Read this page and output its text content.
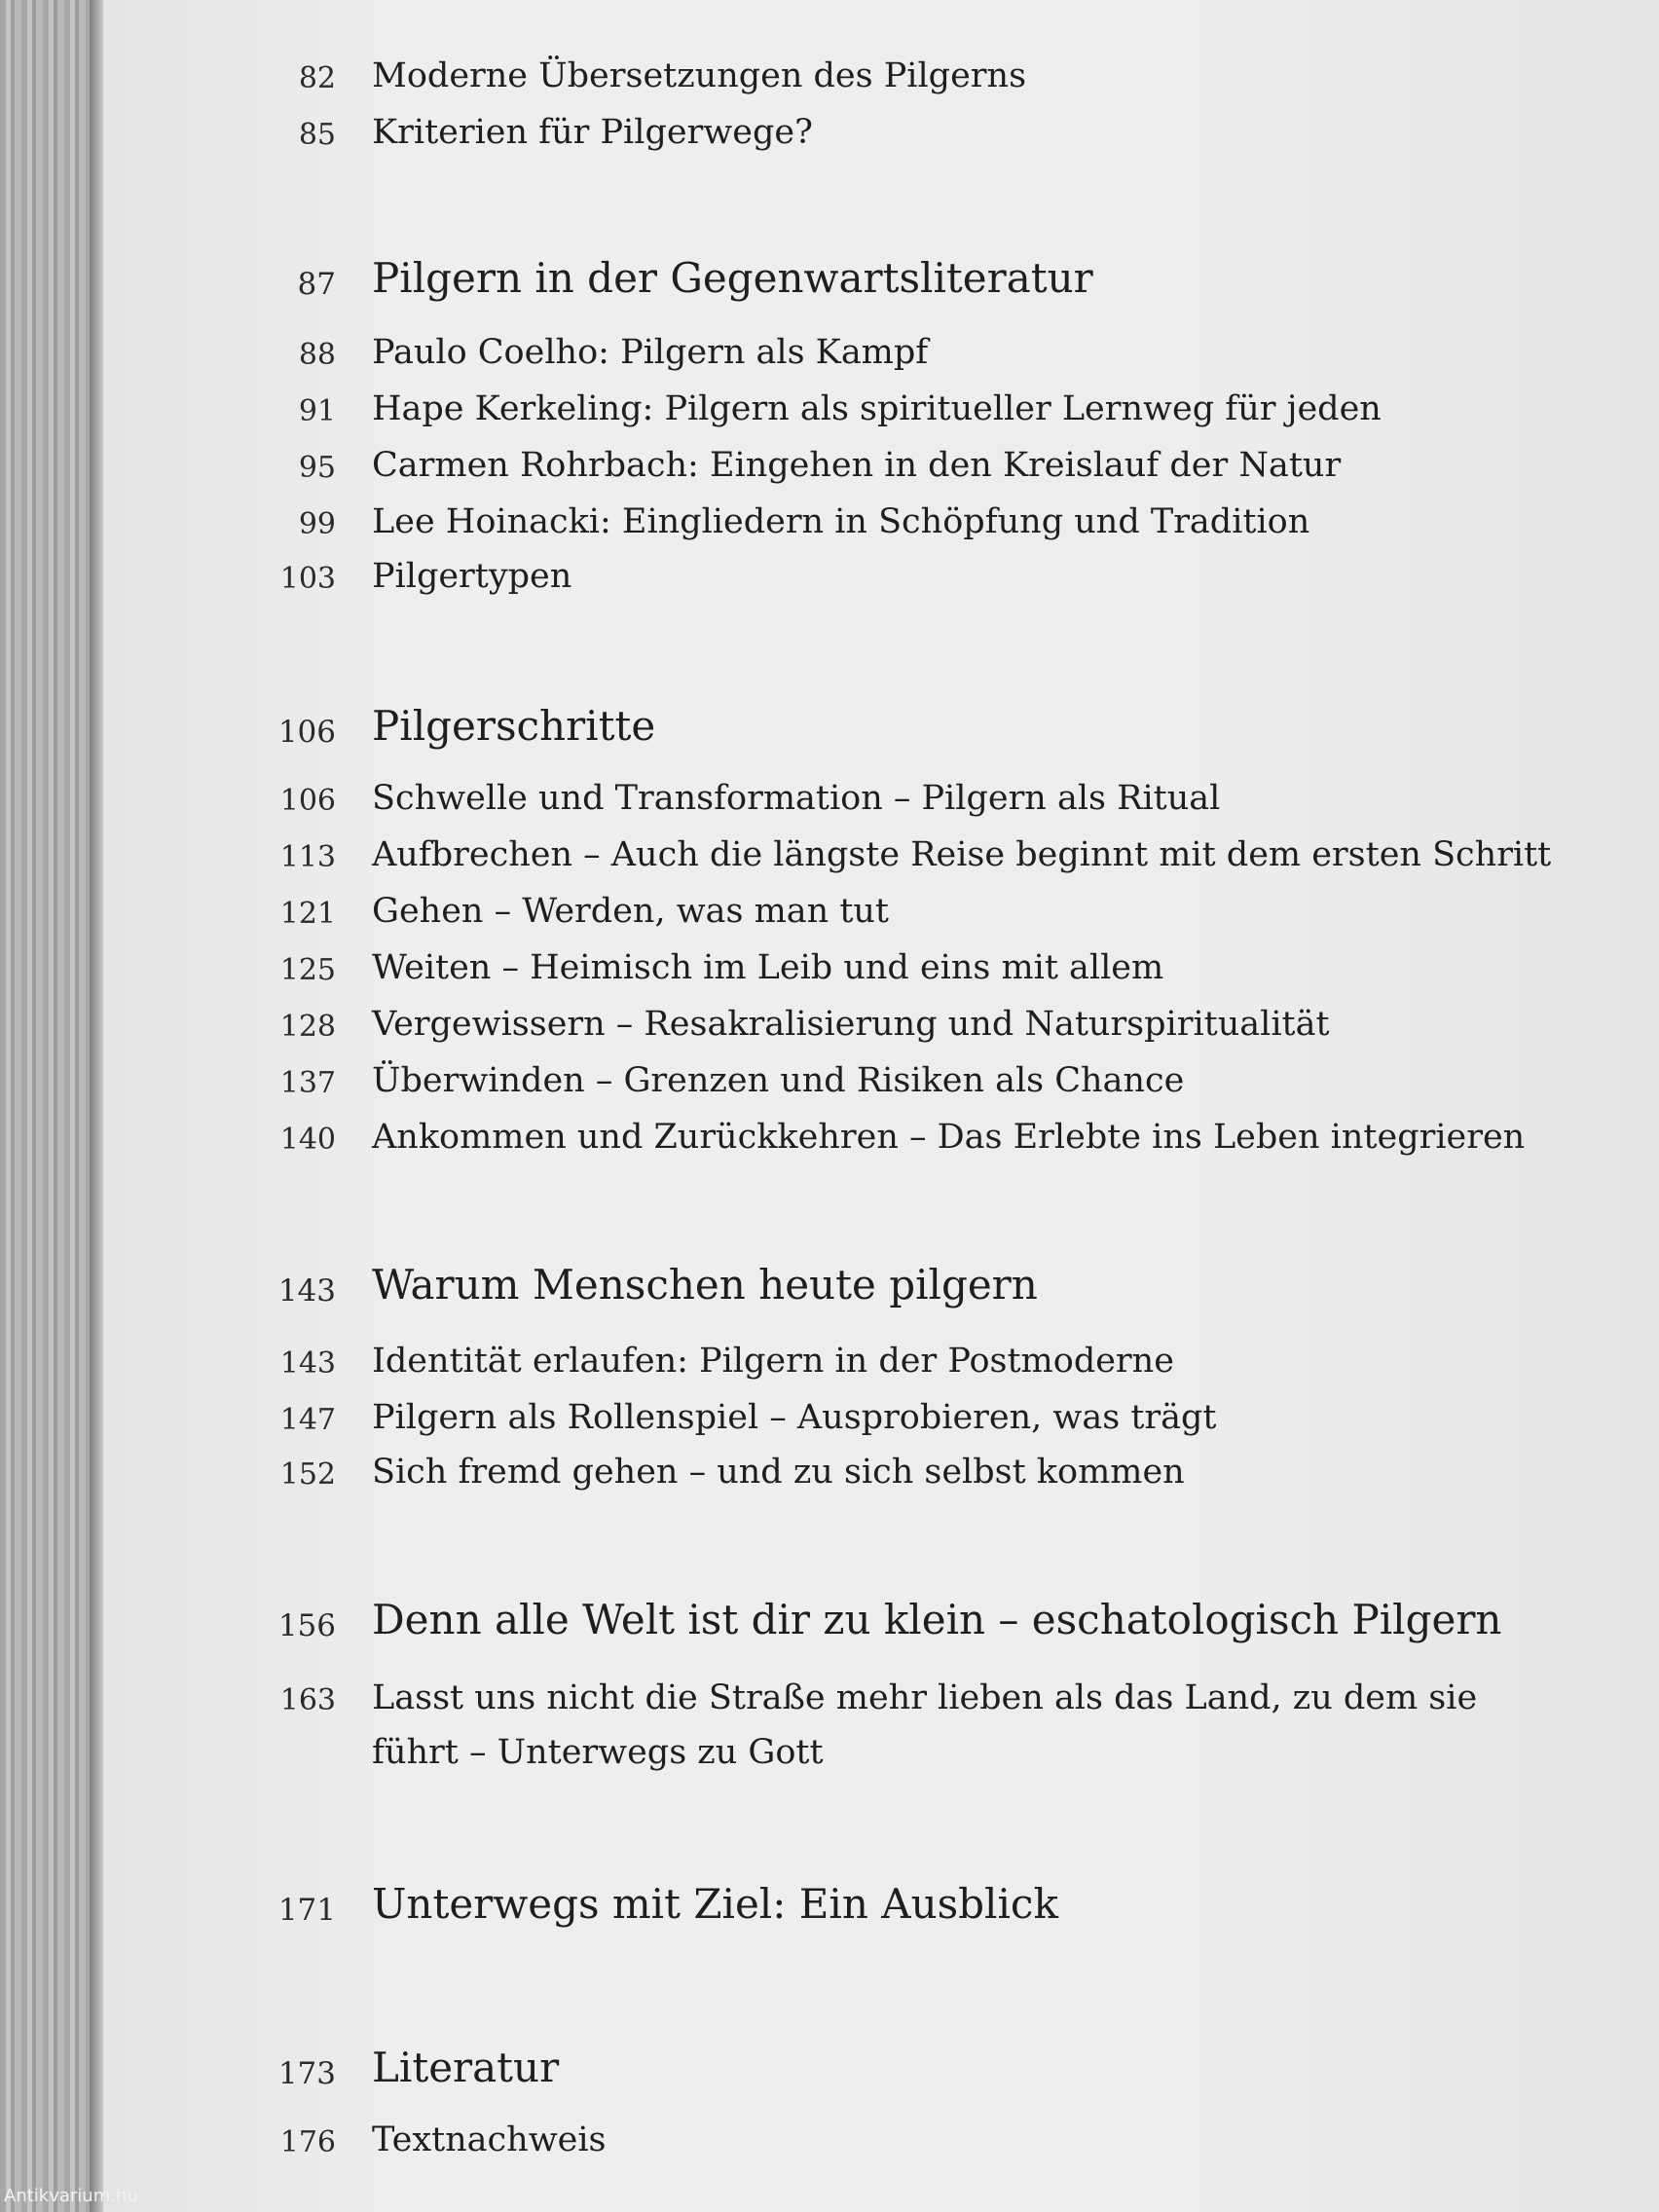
82 Moderne Übersetzungen des Pilgerns
85 Kriterien für Pilgerwege?
87 Pilgern in der Gegenwartsliteratur
88 Paulo Coelho: Pilgern als Kampf
91 Hape Kerkeling: Pilgern als spiritueller Lernweg für jeden
95 Carmen Rohrbach: Eingehen in den Kreislauf der Natur
99 Lee Hoinacki: Eingliedern in Schöpfung und Tradition
103 Pilgertypen
106 Pilgerschritte
106 Schwelle und Transformation – Pilgern als Ritual
113 Aufbrechen – Auch die längste Reise beginnt mit dem ersten Schritt
121 Gehen – Werden, was man tut
125 Weiten – Heimisch im Leib und eins mit allem
128 Vergewissern – Resakralisierung und Naturspiritualität
137 Überwinden – Grenzen und Risiken als Chance
140 Ankommen und Zurückkehren – Das Erlebte ins Leben integrieren
143 Warum Menschen heute pilgern
143 Identität erlaufen: Pilgern in der Postmoderne
147 Pilgern als Rollenspiel – Ausprobieren, was trägt
152 Sich fremd gehen – und zu sich selbst kommen
156 Denn alle Welt ist dir zu klein – eschatologisch Pilgern
163 Lasst uns nicht die Straße mehr lieben als das Land, zu dem sie
führt – Unterwegs zu Gott
171 Unterwegs mit Ziel: Ein Ausblick
173 Literatur
176 Textnachweis
Antikvarium.hu
